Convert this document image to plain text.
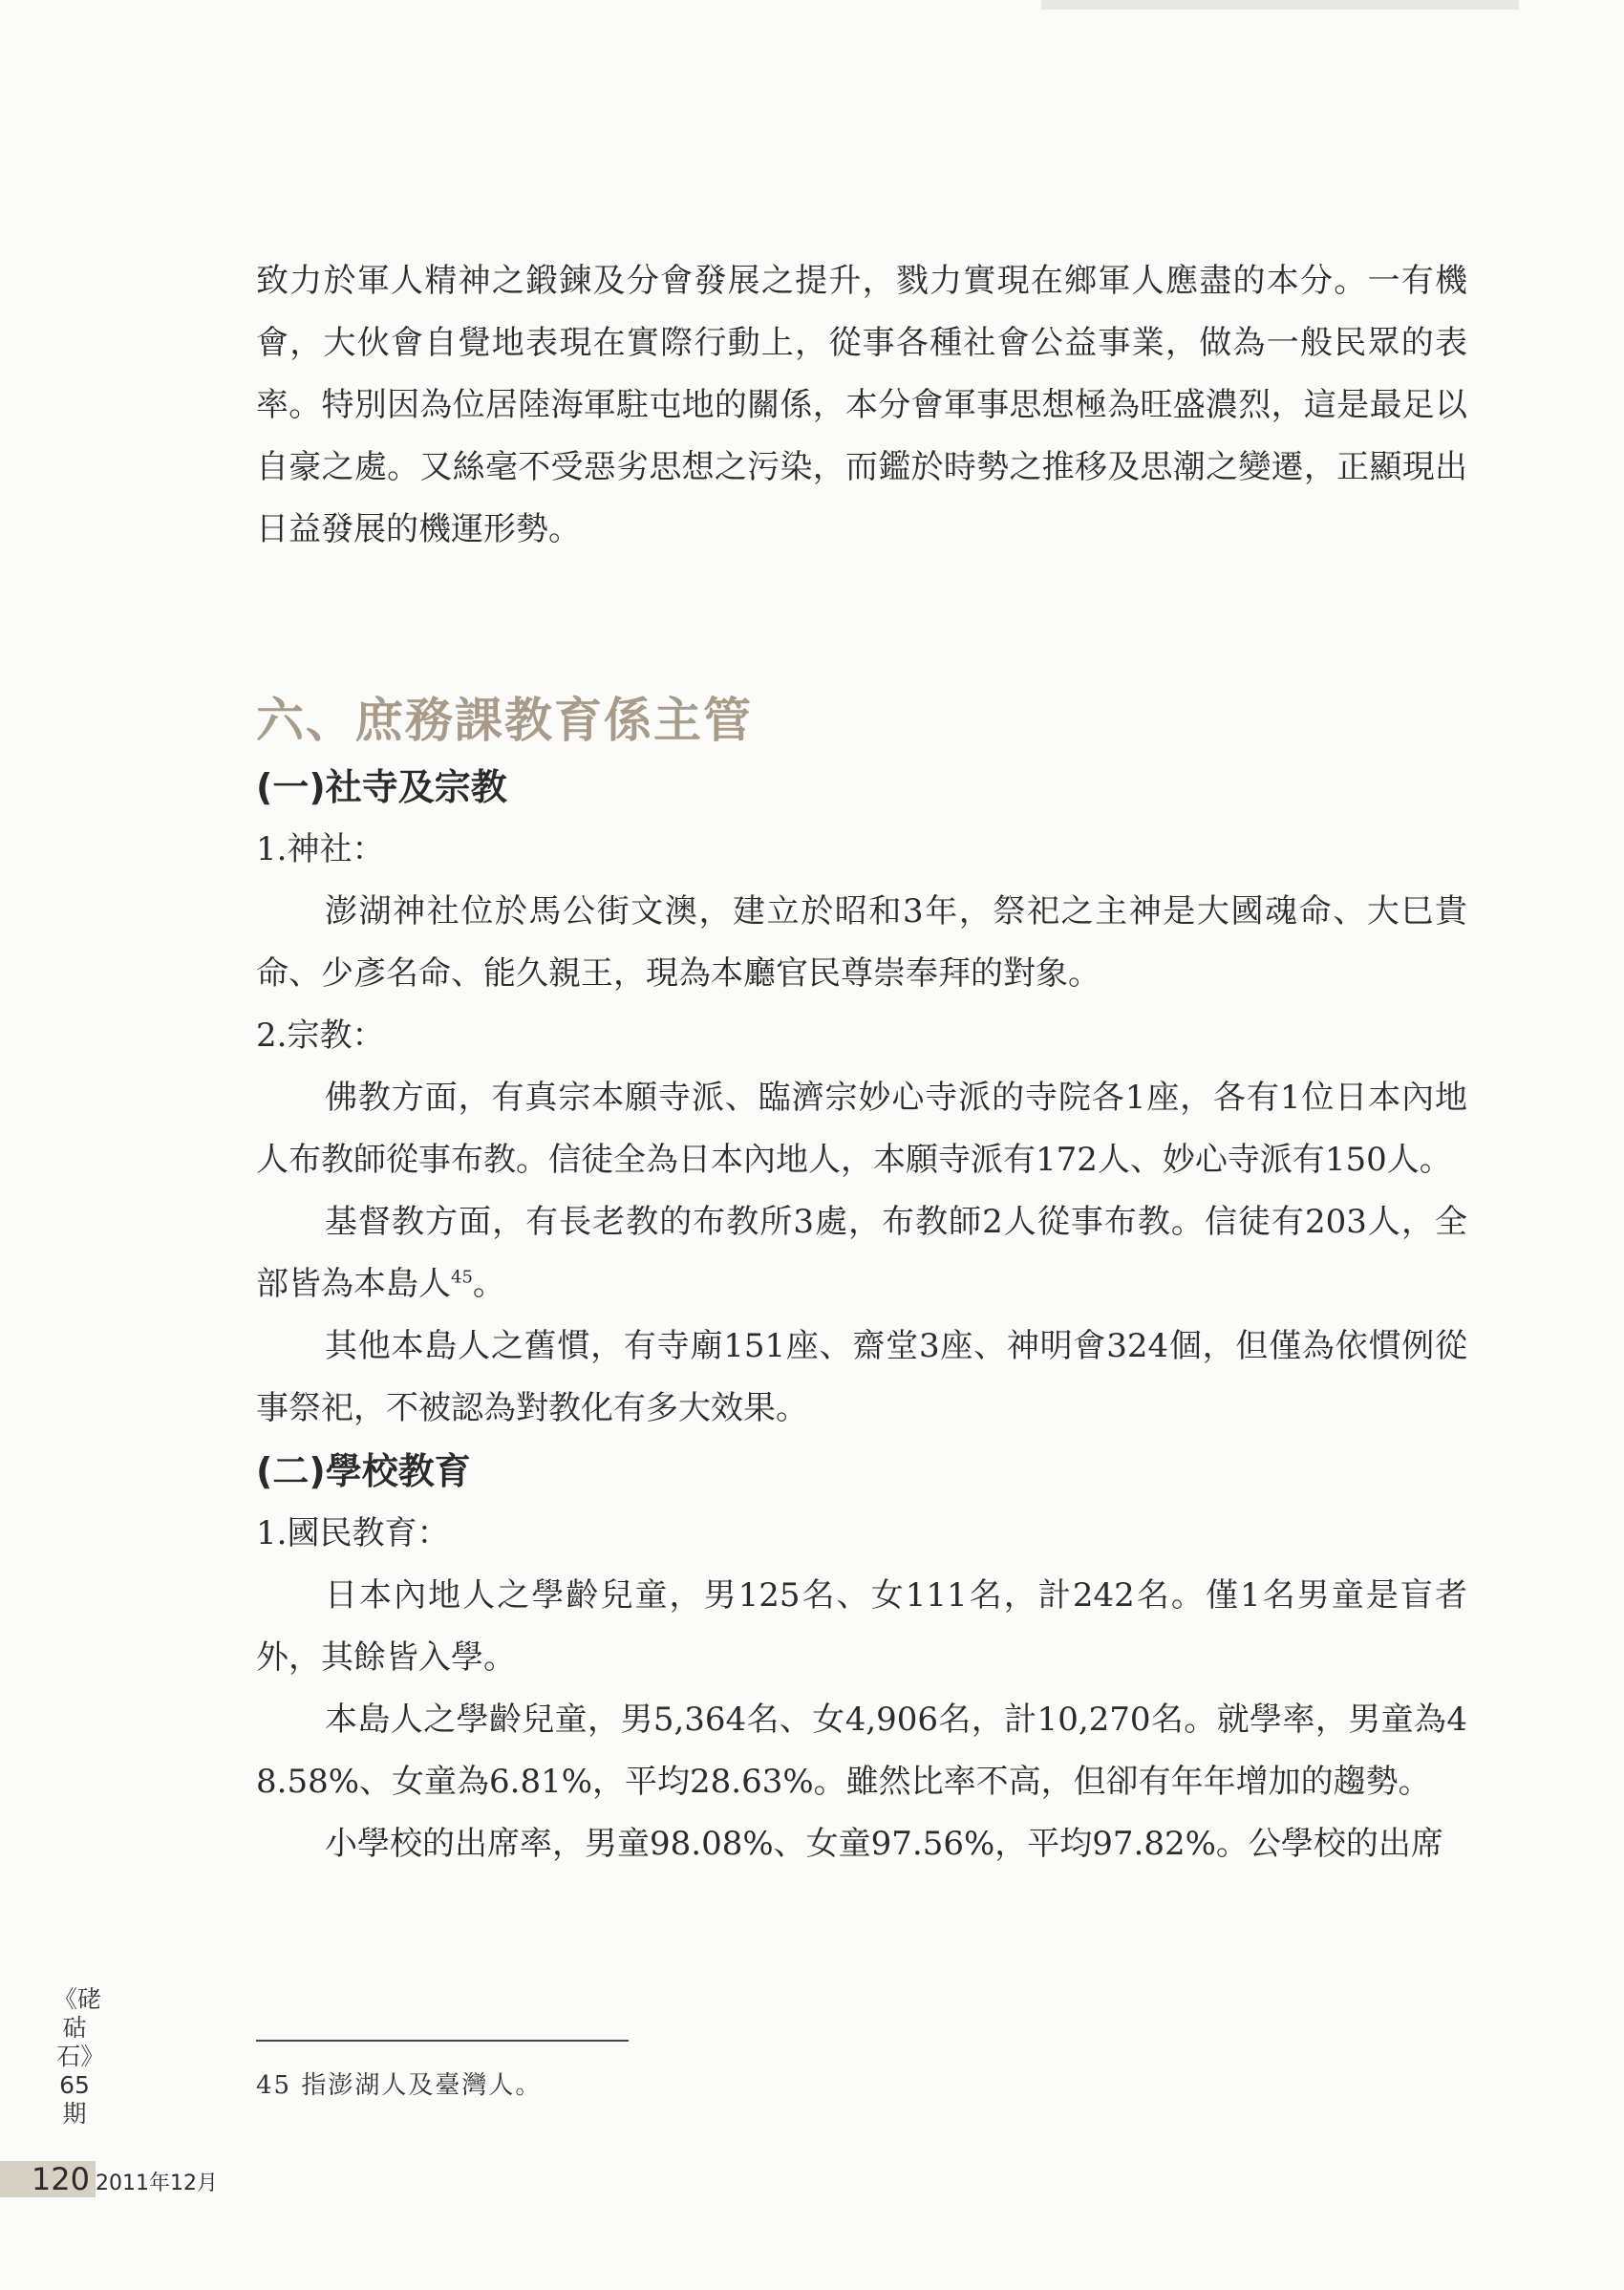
致力於軍人精神之鍛鍊及分會發展之提升，戮力實現在鄉軍人應盡的本分。一有機會，大伙會自覺地表現在實際行動上，從事各種社會公益事業，做為一般民眾的表率。特別因為位居陸海軍駐屯地的關係，本分會軍事思想極為旺盛濃烈，這是最足以自豪之處。又絲毫不受惡劣思想之污染，而鑑於時勢之推移及思潮之變遷，正顯現出日益發展的機運形勢。

六、庶務課教育係主管
(一)社寺及宗教

1.神社：

澎湖神社位於馬公街文澳，建立於昭和3年，祭祀之主神是大國魂命、大巳貴命、少彥名命、能久親王，現為本廳官民尊崇奉拜的對象。

2.宗教：

佛教方面，有真宗本願寺派、臨濟宗妙心寺派的寺院各1座，各有1位日本內地人布教師從事布教。信徒全為日本內地人，本願寺派有172人、妙心寺派有150人。

基督教方面，有長老教的布教所3處，布教師2人從事布教。信徒有203人，全部皆為本島人$^{45}$。

其他本島人之舊慣，有寺廟151座、齋堂3座、神明會324個，但僅為依慣例從事祭祀，不被認為對教化有多大效果。

(二)學校教育

1.國民教育：

日本內地人之學齡兒童，男125名、女111名，計242名。僅1名男童是盲者外，其餘皆入學。

本島人之學齡兒童，男5,364名、女4,906名，計10,270名。就學率，男童為48.58%、女童為6.81%，平均28.63%。雖然比率不高，但卻有年年增加的趨勢。

小學校的出席率，男童98.08%、女童97.56%，平均97.82%。公學校的出席

45 指澎湖人及臺灣人。
《硓𥑮石》65期
120 2011年12月
